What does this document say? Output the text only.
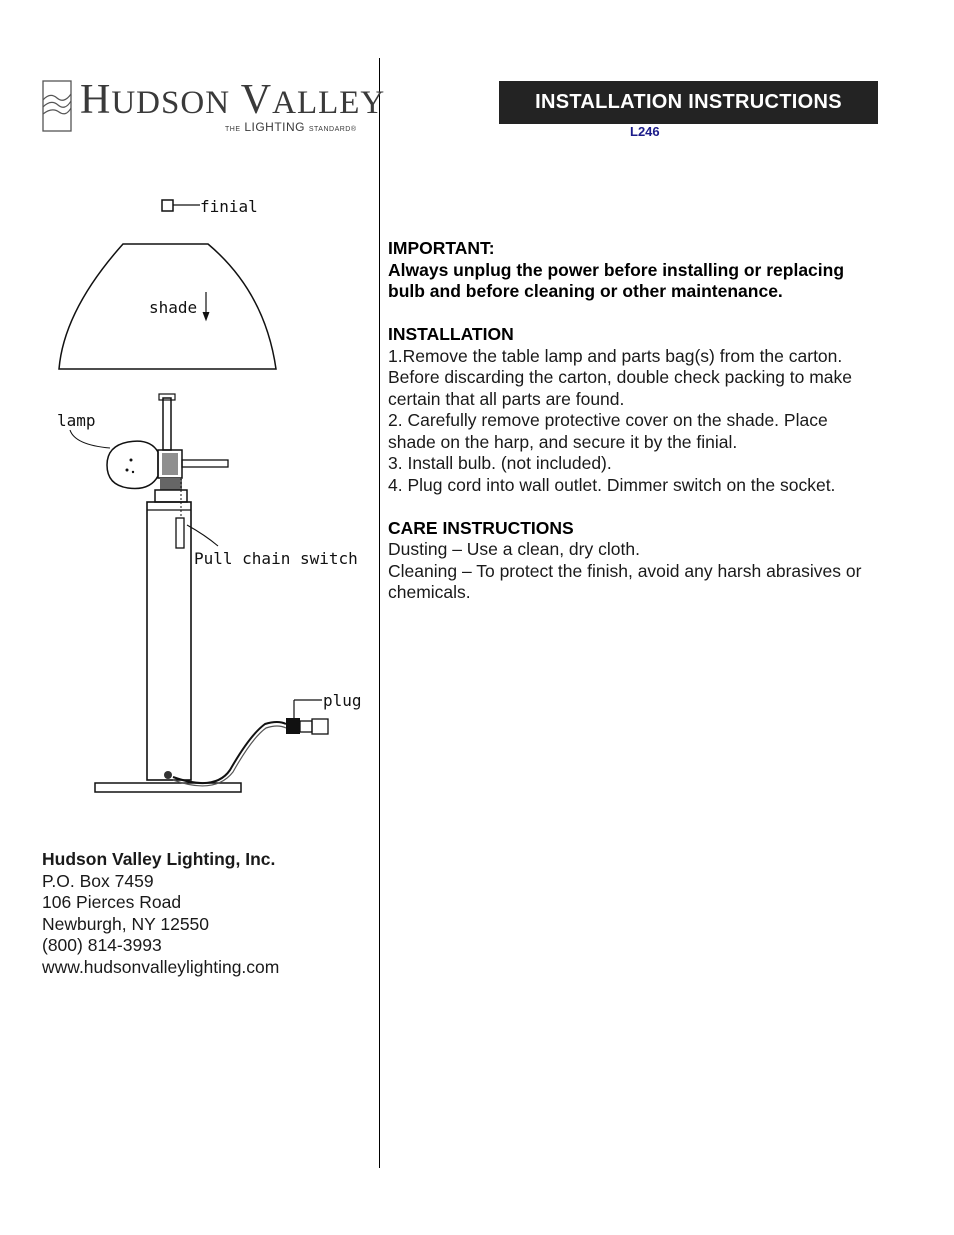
HUDSON VALLEY
THE LIGHTING STANDARD®
INSTALLATION INSTRUCTIONS
L246
finial
shade
lamp
Pull chain switch
plug

IMPORTANT:

Always unplug the power before installing or replacing

bulb and before cleaning or other maintenance.

INSTALLATION

1.Remove the table lamp and parts bag(s) from the carton.

Before discarding the carton, double check packing to make

certain that all parts are found.

2. Carefully remove protective cover on the shade. Place

shade on the harp, and secure it by the finial.

3. Install bulb. (not included).

4. Plug cord into wall outlet. Dimmer switch on the socket.

CARE INSTRUCTIONS

Dusting – Use a clean, dry cloth.

Cleaning – To protect the finish, avoid any harsh abrasives or

chemicals.

Hudson Valley Lighting, Inc.
P.O. Box 7459
106 Pierces Road
Newburgh, NY 12550
(800) 814-3993
www.hudsonvalleylighting.com
